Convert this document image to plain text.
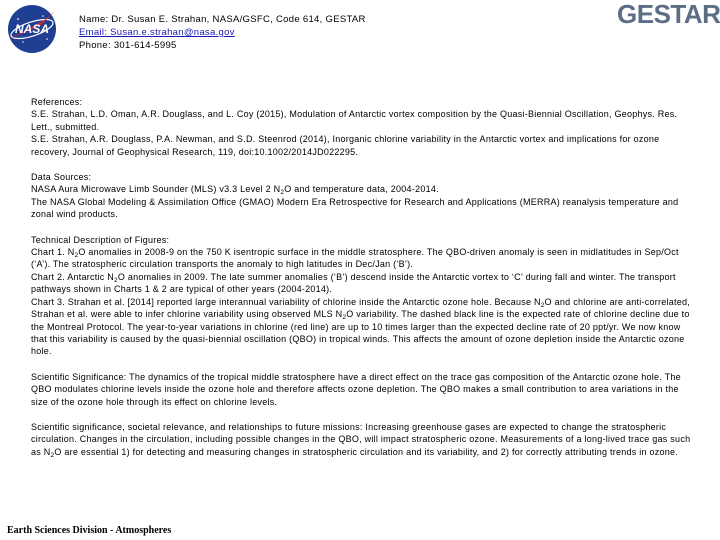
NASA
Name: Dr. Susan E. Strahan, NASA/GSFC, Code 614, GESTAR
Email: Susan.e.strahan@nasa.gov
Phone: 301-614-5995
GESTAR

References:
S.E. Strahan, L.D. Oman, A.R. Douglass, and L. Coy (2015), Modulation of Antarctic vortex composition by the Quasi-Biennial Oscillation, Geophys. Res. Lett., submitted.
S.E. Strahan, A.R. Douglass, P.A. Newman, and S.D. Steenrod (2014), Inorganic chlorine variability in the Antarctic vortex and implications for ozone recovery, Journal of Geophysical Research, 119, doi:10.1002/2014JD022295.

Data Sources:
NASA Aura Microwave Limb Sounder (MLS) v3.3 Level 2 $N_2O$ and temperature data, 2004-2014.
The NASA Global Modeling & Assimilation Office (GMAO) Modern Era Retrospective for Research and Applications (MERRA) reanalysis temperature and zonal wind products.

Technical Description of Figures:
Chart 1. $N_2O$ anomalies in 2008-9 on the 750 K isentropic surface in the middle stratosphere. The QBO-driven anomaly is seen in midlatitudes in Sep/Oct (‘A’). The stratospheric circulation transports the anomaly to high latitudes in Dec/Jan (‘B’).
Chart 2. Antarctic $N_2O$ anomalies in 2009. The late summer anomalies (‘B’) descend inside the Antarctic vortex to ‘C’ during fall and winter. The transport pathways shown in Charts 1 & 2 are typical of other years (2004-2014).
Chart 3. Strahan et al. [2014] reported large interannual variability of chlorine inside the Antarctic ozone hole. Because $N_2O$ and chlorine are anti-correlated, Strahan et al. were able to infer chlorine variability using observed MLS $N_2O$ variability. The dashed black line is the expected rate of chlorine decline due to the Montreal Protocol. The year-to-year variations in chlorine (red line) are up to 10 times larger than the expected decline rate of 20 ppt/yr. We now know that this variability is caused by the quasi-biennial oscillation (QBO) in tropical winds. This affects the amount of ozone depletion inside the Antarctic ozone hole.

Scientific Significance: The dynamics of the tropical middle stratosphere have a direct effect on the trace gas composition of the Antarctic ozone hole. The QBO modulates chlorine levels inside the ozone hole and therefore affects ozone depletion. The QBO makes a small contribution to area variations in the size of the ozone hole through its effect on chlorine levels.

Scientific significance, societal relevance, and relationships to future missions: Increasing greenhouse gases are expected to change the stratospheric circulation. Changes in the circulation, including possible changes in the QBO, will impact stratospheric ozone. Measurements of a long-lived trace gas such as $N_2O$ are essential 1) for detecting and measuring changes in stratospheric circulation and its variability, and 2) for correctly attributing trends in ozone.

Earth Sciences Division - Atmospheres
